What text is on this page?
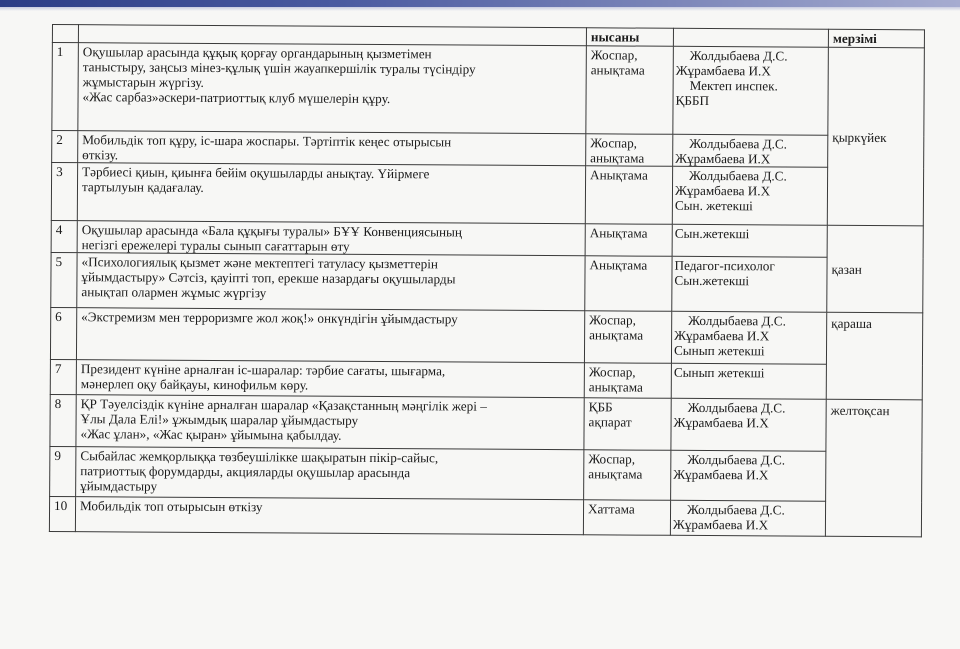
		нысаны		мерзімі
1	Оқушылар арасында құқық қорғау органдарының қызметімен
таныстыру, заңсыз мінез-құлық үшін жауапкершілік туралы түсіндіру
жұмыстарын жүргізу.
«Жас сарбаз»әскери-патриоттық клуб мүшелерін құру.	Жоспар,
анықтама	Жолдыбаева Д.С.
Жұрамбаева И.Х
Мектеп инспек.
ҚББП	қыркүйек
2	Мобильдік топ құру, іс-шара жоспары. Тәртіптік кеңес отырысын
өткізу.	Жоспар,
анықтама	Жолдыбаева Д.С.
Жұрамбаева И.Х	

3	Тәрбиесі қиын, қиынға бейім оқушыларды анықтау. Үйірмеге
тартылуын қадағалау.	Анықтама	Жолдыбаева Д.С.
Жұрамбаева И.Х
Сын. жетекші	

4	Оқушылар арасында «Бала құқығы туралы» БҰҰ Конвенциясының
негізгі ережелері туралы сынып сағаттарын өту	Анықтама	Сын.жетекші	қазан
5	«Психологиялық қызмет және мектептегі татуласу қызметтерін
ұйымдастыру» Сәтсіз, қауіпті топ, ерекше назардағы оқушыларды
анықтап олармен жұмыс жүргізу	Анықтама	Педагог-психолог
Сын.жетекші	

6	«Экстремизм мен терроризмге жол жоқ!» онкүндігін ұйымдастыру	Жоспар,
анықтама	Жолдыбаева Д.С.
Жұрамбаева И.Х
Сынып жетекші	қараша
7	Президент күніне арналған іс-шаралар: тәрбие сағаты, шығарма,
мәнерлеп оқу байқауы, кинофильм көру.	Жоспар,
анықтама	Сынып жетекші	

8	ҚР Тәуелсіздік күніне арналған шаралар «Қазақстанның мәңгілік жері –
Ұлы Дала Елі!» ұжымдық шаралар ұйымдастыру
«Жас ұлан», «Жас қыран» ұйымына қабылдау.	ҚББ
ақпарат	Жолдыбаева Д.С.
Жұрамбаева И.Х	желтоқсан
9	Сыбайлас жемқорлыққа төзбеушілікке шақыратын пікір-сайыс,
патриоттық форумдарды, акцияларды оқушылар арасында
ұйымдастыру	Жоспар,
анықтама	Жолдыбаева Д.С.
Жұрамбаева И.Х	

10	Мобильдік топ отырысын өткізу	Хаттама	Жолдыбаева Д.С.
Жұрамбаева И.Х	
